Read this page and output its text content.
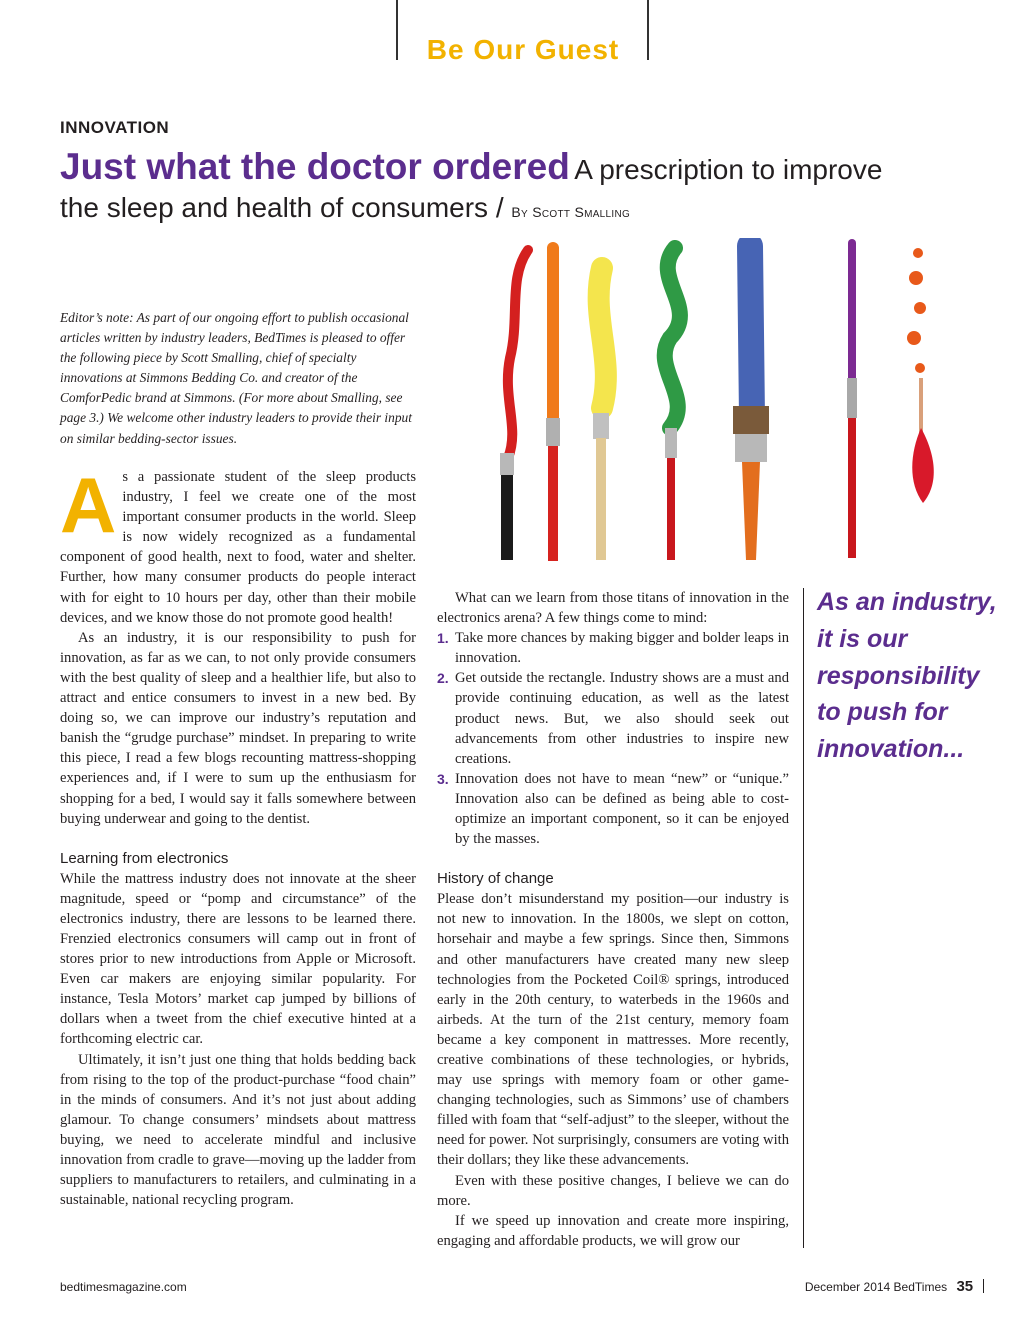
Be Our Guest
INNOVATION
Just what the doctor ordered A prescription to improve
the sleep and health of consumers / By Scott Smalling
Editor’s note: As part of our ongoing effort to publish occasional articles written by industry leaders, BedTimes is pleased to offer the following piece by Scott Smalling, chief of specialty innovations at Simmons Bedding Co. and creator of the ComforPedic brand at Simmons. (For more about Smalling, see page 3.) We welcome other industry leaders to provide their input on similar bedding-sector issues.
A s a passionate student of the sleep products industry, I feel we create one of the most important consumer products in the world. Sleep is now widely recognized as a fundamental component of good health, next to food, water and shelter. Further, how many consumer products do people interact with for eight to 10 hours per day, other than their mobile devices, and we know those do not promote good health!

As an industry, it is our responsibility to push for innovation, as far as we can, to not only provide consumers with the best quality of sleep and a healthier life, but also to attract and entice consumers to invest in a new bed. By doing so, we can improve our industry’s reputation and banish the “grudge purchase” mindset. In preparing to write this piece, I read a few blogs recounting mattress-shopping experiences and, if I were to sum up the enthusiasm for shopping for a bed, I would say it falls somewhere between buying underwear and going to the dentist.

Learning from electronics

While the mattress industry does not innovate at the sheer magnitude, speed or “pomp and circumstance” of the electronics industry, there are lessons to be learned there. Frenzied electronics consumers will camp out in front of stores prior to new introductions from Apple or Microsoft. Even car makers are enjoying similar popularity. For instance, Tesla Motors’ market cap jumped by billions of dollars when a tweet from the chief executive hinted at a forthcoming electric car.

Ultimately, it isn’t just one thing that holds bedding back from rising to the top of the product-purchase “food chain” in the minds of consumers. And it’s not just about adding glamour. To change consumers’ mindsets about mattress buying, we need to accelerate mindful and inclusive innovation from cradle to grave—moving up the ladder from suppliers to manufacturers to retailers, and culminating in a sustainable, national recycling program.

What can we learn from those titans of innovation in the electronics arena? A few things come to mind:

1. Take more chances by making bigger and bolder leaps in innovation.
2. Get outside the rectangle. Industry shows are a must and provide continuing education, as well as the latest product news. But, we also should seek out advancements from other industries to inspire new creations.
3. Innovation does not have to mean “new” or “unique.” Innovation also can be defined as being able to cost-optimize an important component, so it can be enjoyed by the masses.
History of change

Please don’t misunderstand my position—our industry is not new to innovation. In the 1800s, we slept on cotton, horsehair and maybe a few springs. Since then, Simmons and other manufacturers have created many new sleep technologies from the Pocketed Coil® springs, introduced early in the 20th century, to waterbeds in the 1960s and airbeds. At the turn of the 21st century, memory foam became a key component in mattresses. More recently, creative combinations of these technologies, or hybrids, may use springs with memory foam or other game-changing technologies, such as Simmons’ use of chambers filled with foam that “self-adjust” to the sleeper, without the need for power. Not surprisingly, consumers are voting with their dollars; they like these advancements.

Even with these positive changes, I believe we can do more.

If we speed up innovation and create more inspiring, engaging and affordable products, we will grow our

As an industry, it is our responsibility to push for innovation...
bedtimesmagazine.com	December 2014 BedTimes 35
